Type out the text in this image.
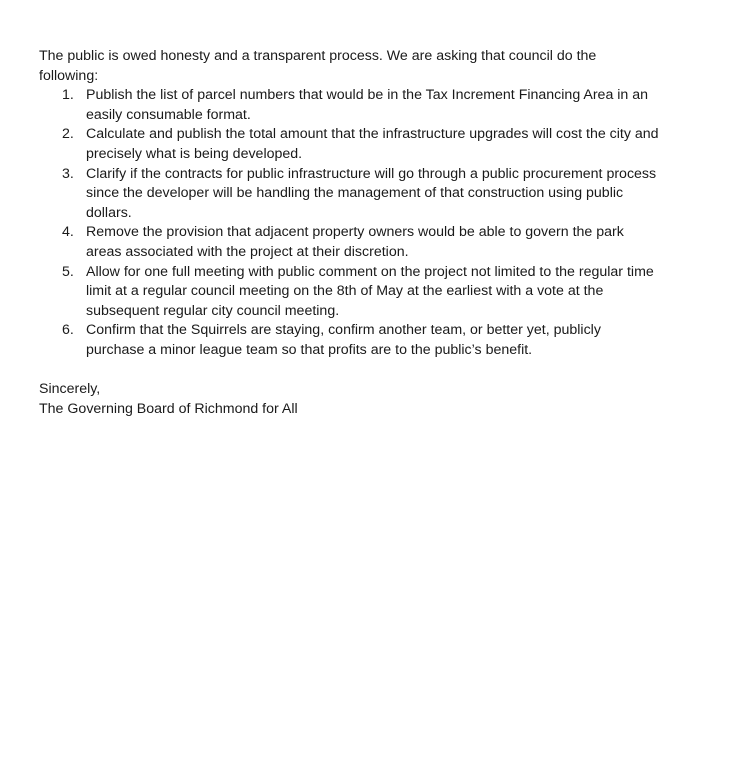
The public is owed honesty and a transparent process. We are asking that council do the following:

1. Publish the list of parcel numbers that would be in the Tax Increment Financing Area in an easily consumable format.
2. Calculate and publish the total amount that the infrastructure upgrades will cost the city and precisely what is being developed.
3. Clarify if the contracts for public infrastructure will go through a public procurement process since the developer will be handling the management of that construction using public dollars.
4. Remove the provision that adjacent property owners would be able to govern the park areas associated with the project at their discretion.
5. Allow for one full meeting with public comment on the project not limited to the regular time limit at a regular council meeting on the 8th of May at the earliest with a vote at the subsequent regular city council meeting.
6. Confirm that the Squirrels are staying, confirm another team, or better yet, publicly purchase a minor league team so that profits are to the public’s benefit.
Sincerely,
The Governing Board of Richmond for All
